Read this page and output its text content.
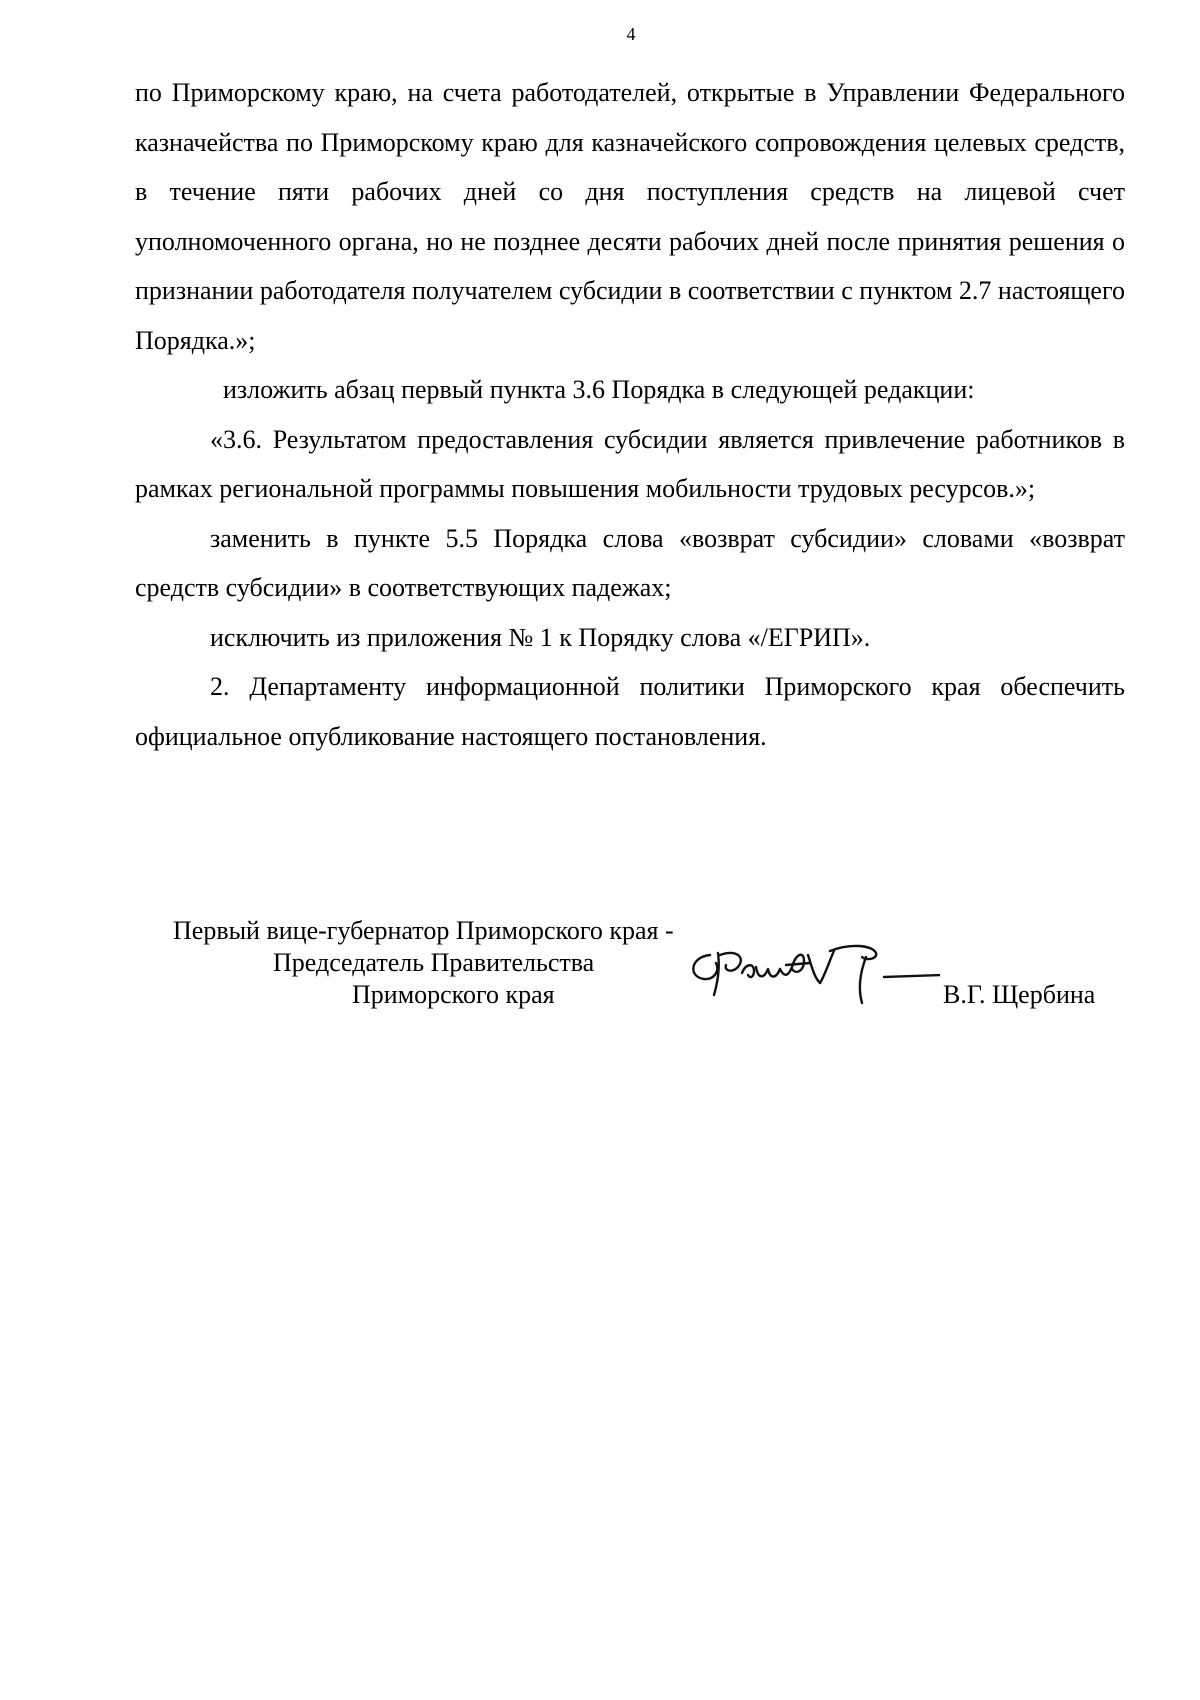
4

по Приморскому краю, на счета работодателей, открытые в Управлении Федерального казначейства по Приморскому краю для казначейского сопровождения целевых средств, в течение пяти рабочих дней со дня поступления средств на лицевой счет уполномоченного органа, но не позднее десяти рабочих дней после принятия решения о признании работодателя получателем субсидии в соответствии с пунктом 2.7 настоящего Порядка.»;

изложить абзац первый пункта 3.6 Порядка в следующей редакции:

«3.6. Результатом предоставления субсидии является привлечение работников в рамках региональной программы повышения мобильности трудовых ресурсов.»;

заменить в пункте 5.5 Порядка слова «возврат субсидии» словами «возврат средств субсидии» в соответствующих падежах;

исключить из приложения № 1 к Порядку слова «/ЕГРИП».

2. Департаменту информационной политики Приморского края обеспечить официальное опубликование настоящего постановления.

Первый вице-губернатор Приморского края -
Председатель Правительства
Приморского края	В.Г. Щербина
